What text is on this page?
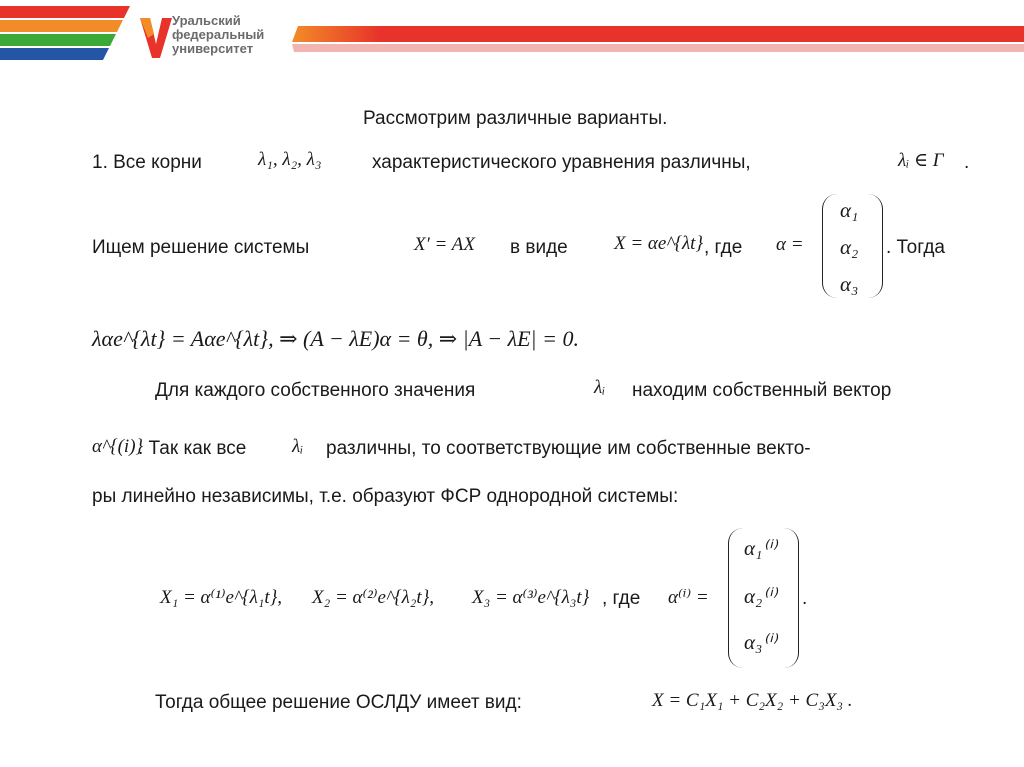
Уральский
федеральный
университет
Рассмотрим различные варианты.
1. Все корни	λ₁, λ₂, λ₃	характеристического уравнения различны,	λᵢ ∈ Γ .
Ищем решение системы	X′ = AX в виде X = αe^{λt} , где α =
α₁
α₂
α₃
. Тогда
λαe^{λt} = Aαe^{λt}, ⇒ (A − λE)α = θ, ⇒ |A − λE| = 0.
Для каждого собственного значения	λᵢ находим собственный вектор
α^{(i)}
. Так как все λᵢ различны, то соответствующие им собственные векто-
ры линейно независимы, т.е. образуют ФСР однородной системы:
X₁ = α⁽¹⁾e^{λ₁t}, X₂ = α⁽²⁾e^{λ₂t}, X₃ = α⁽³⁾e^{λ₃t} , где α⁽ⁱ⁾ =
α₁⁽ⁱ⁾
α₂⁽ⁱ⁾
α₃⁽ⁱ⁾
.
Тогда общее решение ОСЛДУ имеет вид:	X = C₁X₁ + C₂X₂ + C₃X₃ .
